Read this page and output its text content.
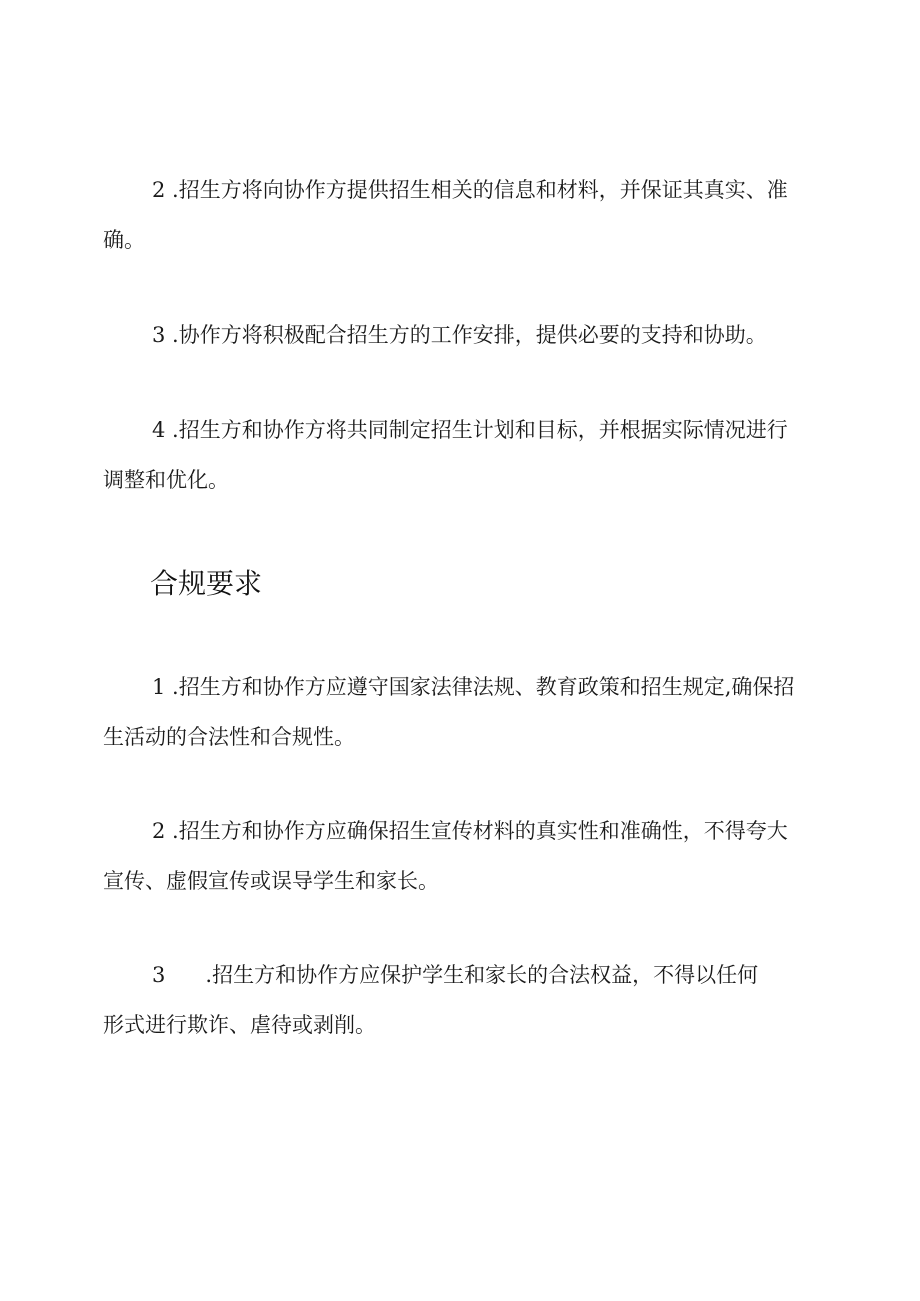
2 .招生方将向协作方提供招生相关的信息和材料，并保证其真实、准
确。

3 .协作方将积极配合招生方的工作安排，提供必要的支持和协助。

4 .招生方和协作方将共同制定招生计划和目标，并根据实际情况进行
调整和优化。

合规要求

1 .招生方和协作方应遵守国家法律法规、教育政策和招生规定,确保招
生活动的合法性和合规性。

2 .招生方和协作方应确保招生宣传材料的真实性和准确性，不得夸大
宣传、虚假宣传或误导学生和家长。

3      .招生方和协作方应保护学生和家长的合法权益，不得以任何
形式进行欺诈、虐待或剥削。
